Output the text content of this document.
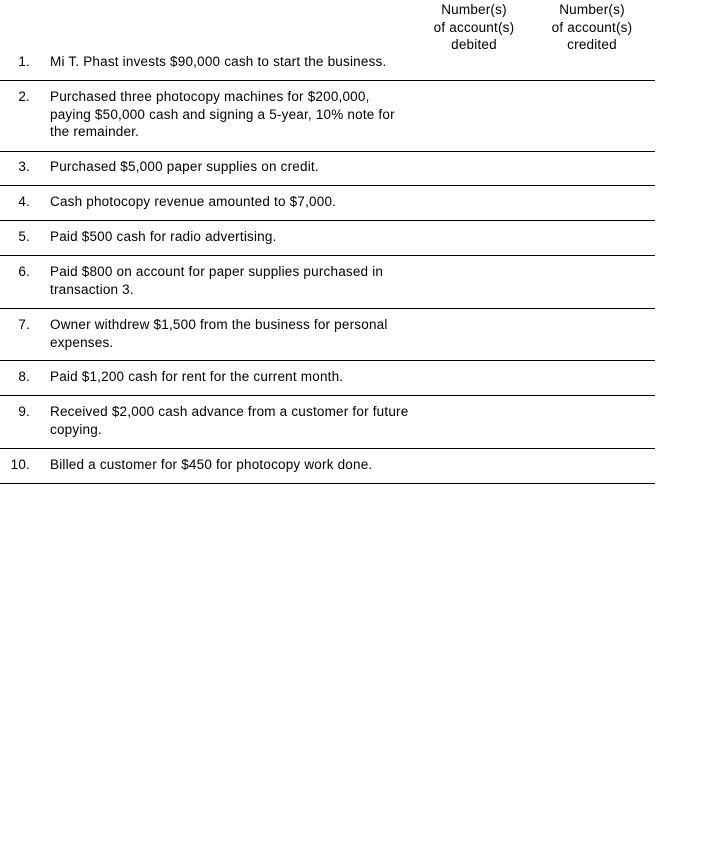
Number(s)
of account(s)
debited
Number(s)
of account(s)
credited
1. Mi T. Phast invests $90,000 cash to start the business.
2. Purchased three photocopy machines for $200,000,
paying $50,000 cash and signing a 5-year, 10% note for
the remainder.
3. Purchased $5,000 paper supplies on credit.
4. Cash photocopy revenue amounted to $7,000.
5. Paid $500 cash for radio advertising.
6. Paid $800 on account for paper supplies purchased in
transaction 3.
7. Owner withdrew $1,500 from the business for personal
expenses.
8. Paid $1,200 cash for rent for the current month.
9. Received $2,000 cash advance from a customer for future
copying.
10. Billed a customer for $450 for photocopy work done.
